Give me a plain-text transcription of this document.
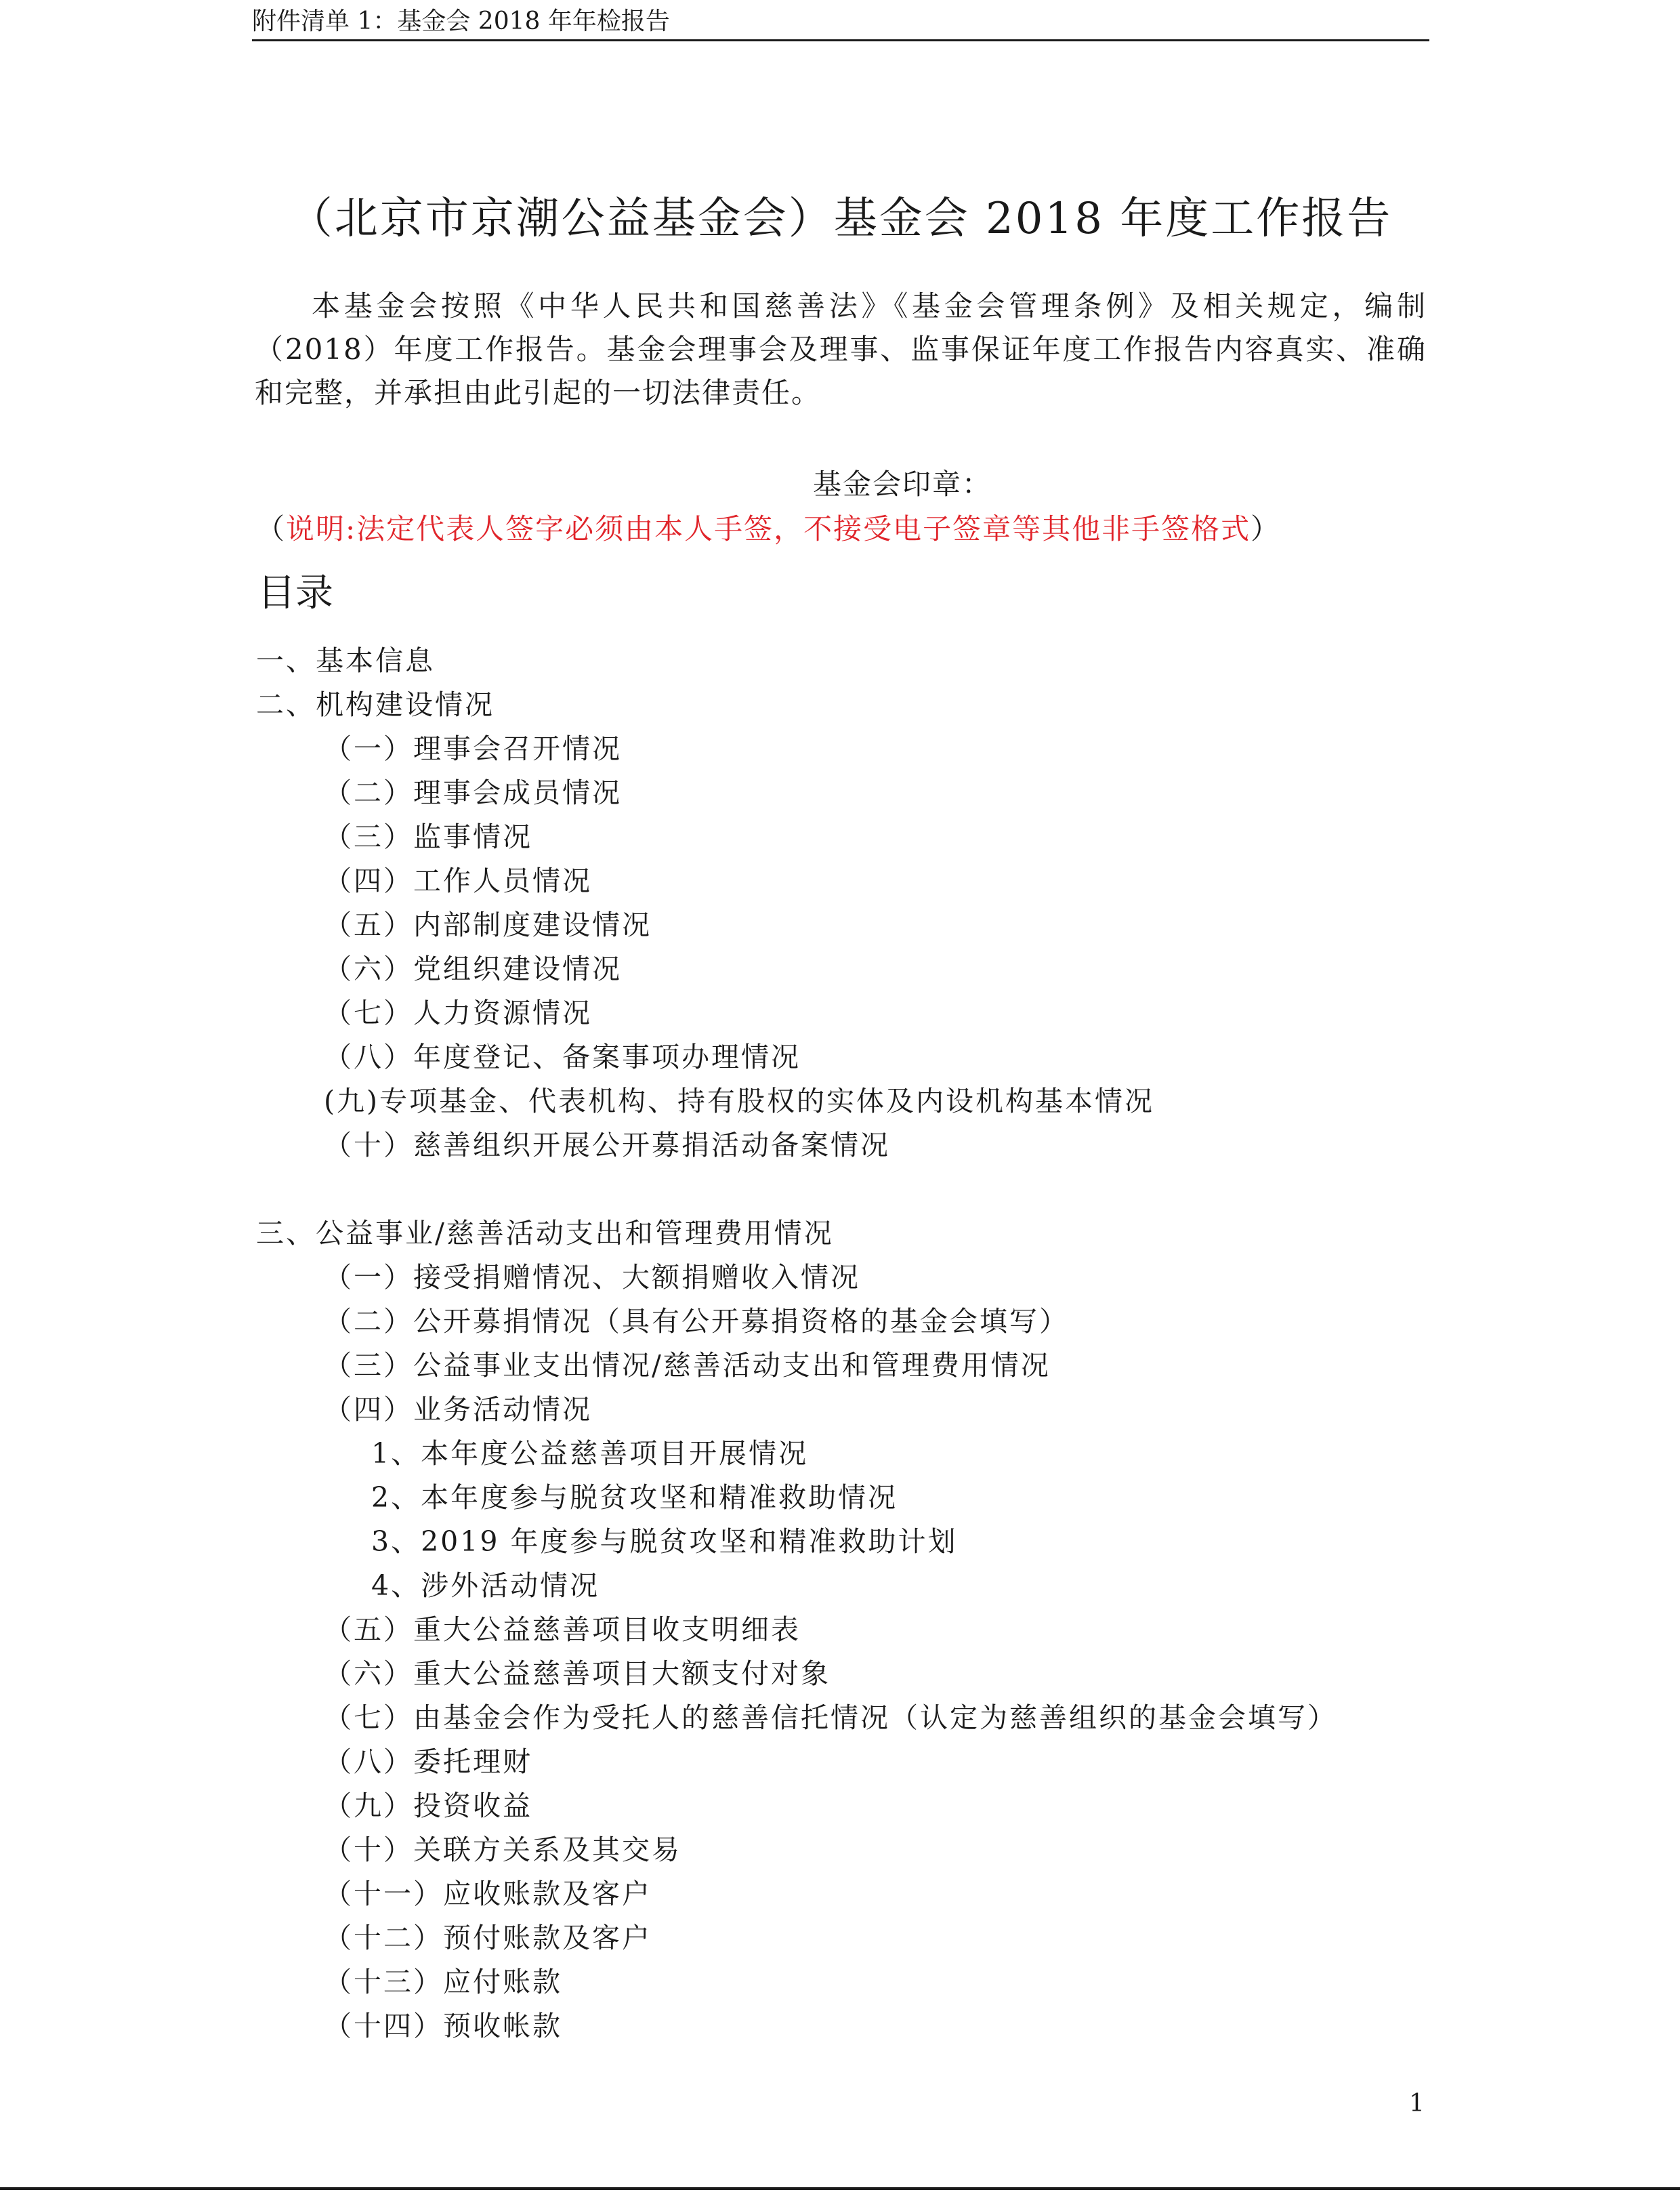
附件清单 1：基金会 2018 年年检报告
（北京市京潮公益基金会）基金会 2018 年度工作报告
本基金会按照《中华人民共和国慈善法》《基金会管理条例》及相关规定，编制（2018）年度工作报告。基金会理事会及理事、监事保证年度工作报告内容真实、准确和完整，并承担由此引起的一切法律责任。
基金会印章：
（说明:法定代表人签字必须由本人手签，不接受电子签章等其他非手签格式）
目录
一、基本信息
二、机构建设情况
（一）理事会召开情况
（二）理事会成员情况
（三）监事情况
（四）工作人员情况
（五）内部制度建设情况
（六）党组织建设情况
（七）人力资源情况
（八）年度登记、备案事项办理情况
(九)专项基金、代表机构、持有股权的实体及内设机构基本情况
（十）慈善组织开展公开募捐活动备案情况
三、公益事业/慈善活动支出和管理费用情况
（一）接受捐赠情况、大额捐赠收入情况
（二）公开募捐情况（具有公开募捐资格的基金会填写）
（三）公益事业支出情况/慈善活动支出和管理费用情况
（四）业务活动情况
1、本年度公益慈善项目开展情况
2、本年度参与脱贫攻坚和精准救助情况
3、2019 年度参与脱贫攻坚和精准救助计划
4、涉外活动情况
（五）重大公益慈善项目收支明细表
（六）重大公益慈善项目大额支付对象
（七）由基金会作为受托人的慈善信托情况（认定为慈善组织的基金会填写）
（八）委托理财
（九）投资收益
（十）关联方关系及其交易
（十一）应收账款及客户
（十二）预付账款及客户
（十三）应付账款
（十四）预收帐款
1
